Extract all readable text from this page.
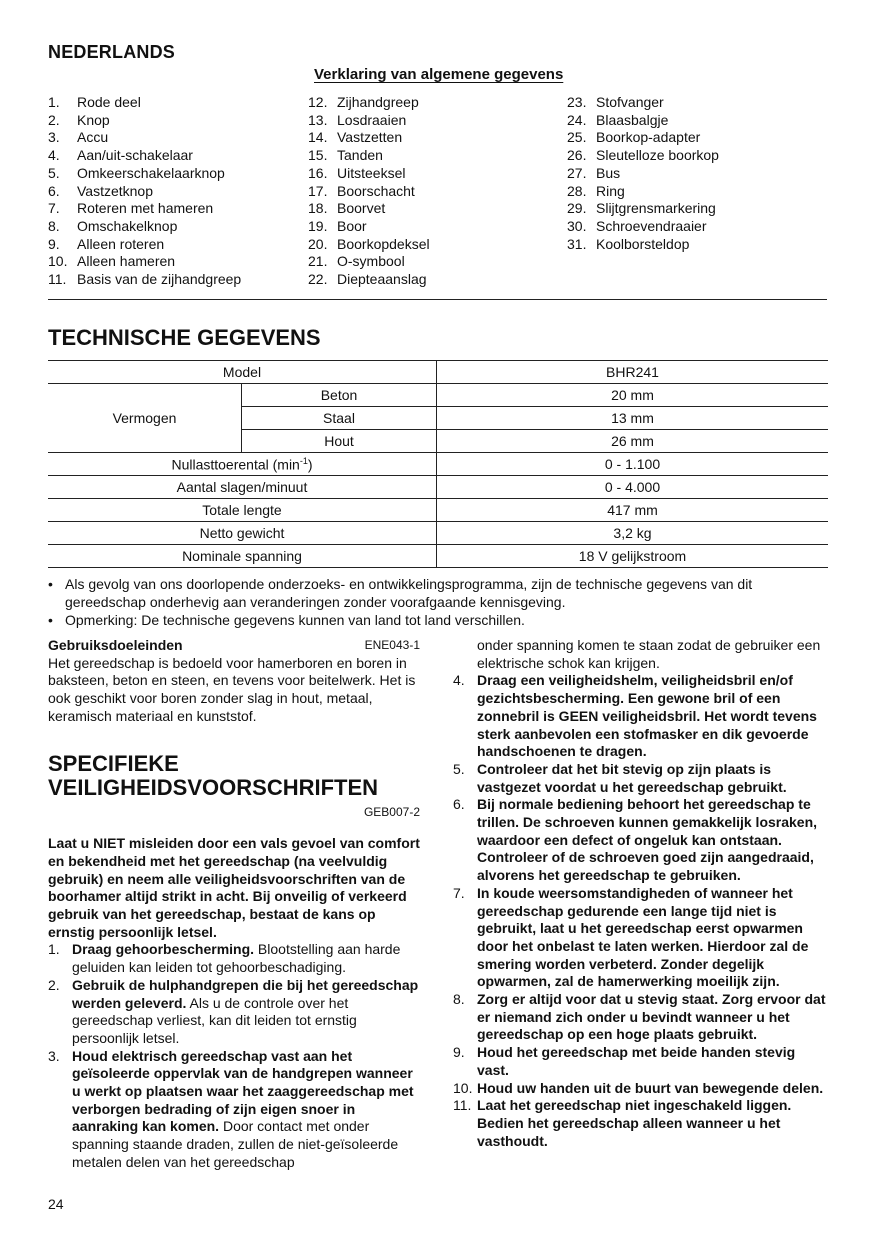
NEDERLANDS
Verklaring van algemene gegevens
1.	Rode deel
2.	Knop
3.	Accu
4.	Aan/uit-schakelaar
5.	Omkeerschakelaarknop
6.	Vastzetknop
7.	Roteren met hameren
8.	Omschakelknop
9.	Alleen roteren
10. Alleen hameren
11. Basis van de zijhandgreep
12. Zijhandgreep
13. Losdraaien
14. Vastzetten
15. Tanden
16. Uitsteeksel
17. Boorschacht
18. Boorvet
19. Boor
20. Boorkopdeksel
21. O-symbool
22. Diepteaanslag
23. Stofvanger
24. Blaasbalgje
25. Boorkop-adapter
26. Sleutelloze boorkop
27. Bus
28. Ring
29. Slijtgrensmarkering
30. Schroevendraaier
31. Koolborsteldop
TECHNISCHE GEGEVENS
Model		BHR241
Vermogen	Beton	20 mm
	Staal	13 mm
	Hout	26 mm
Nullasttoerental $(\min^{-1})$		0 - 1.100
Aantal slagen/minuut		0 - 4.000
Totale lengte		417 mm
Netto gewicht		3,2 kg
Nominale spanning		18 V gelijkstroom
• Als gevolg van ons doorlopende onderzoeks- en ontwikkelingsprogramma, zijn de technische gegevens van dit gereedschap onderhevig aan veranderingen zonder voorafgaande kennisgeving.
• Opmerking: De technische gegevens kunnen van land tot land verschillen.
Gebruiksdoeleinden	ENE043-1
Het gereedschap is bedoeld voor hamerboren en boren in baksteen, beton en steen, en tevens voor beitelwerk. Het is ook geschikt voor boren zonder slag in hout, metaal, keramisch materiaal en kunststof.
SPECIFIEKE
VEILIGHEIDSVOORSCHRIFTEN
GEB007-2
Laat u NIET misleiden door een vals gevoel van comfort en bekendheid met het gereedschap (na veelvuldig gebruik) en neem alle veiligheidsvoorschriften van de boorhamer altijd strikt in acht. Bij onveilig of verkeerd gebruik van het gereedschap, bestaat de kans op ernstig persoonlijk letsel.
1. Draag gehoorbescherming. Blootstelling aan harde geluiden kan leiden tot gehoorbeschadiging.
2. Gebruik de hulphandgrepen die bij het gereedschap werden geleverd. Als u de controle over het gereedschap verliest, kan dit leiden tot ernstig persoonlijk letsel.
3. Houd elektrisch gereedschap vast aan het geïsoleerde oppervlak van de handgrepen wanneer u werkt op plaatsen waar het zaaggereedschap met verborgen bedrading of zijn eigen snoer in aanraking kan komen. Door contact met onder spanning staande draden, zullen de niet-geïsoleerde metalen delen van het gereedschap
onder spanning komen te staan zodat de gebruiker een elektrische schok kan krijgen.
4. Draag een veiligheidshelm, veiligheidsbril en/of gezichtsbescherming. Een gewone bril of een zonnebril is GEEN veiligheidsbril. Het wordt tevens sterk aanbevolen een stofmasker en dik gevoerde handschoenen te dragen.
5. Controleer dat het bit stevig op zijn plaats is vastgezet voordat u het gereedschap gebruikt.
6. Bij normale bediening behoort het gereedschap te trillen. De schroeven kunnen gemakkelijk losraken, waardoor een defect of ongeluk kan ontstaan. Controleer of de schroeven goed zijn aangedraaid, alvorens het gereedschap te gebruiken.
7. In koude weersomstandigheden of wanneer het gereedschap gedurende een lange tijd niet is gebruikt, laat u het gereedschap eerst opwarmen door het onbelast te laten werken. Hierdoor zal de smering worden verbeterd. Zonder degelijk opwarmen, zal de hamerwerking moeilijk zijn.
8. Zorg er altijd voor dat u stevig staat. Zorg ervoor dat er niemand zich onder u bevindt wanneer u het gereedschap op een hoge plaats gebruikt.
9. Houd het gereedschap met beide handen stevig vast.
10. Houd uw handen uit de buurt van bewegende delen.
11. Laat het gereedschap niet ingeschakeld liggen. Bedien het gereedschap alleen wanneer u het vasthoudt.
24
